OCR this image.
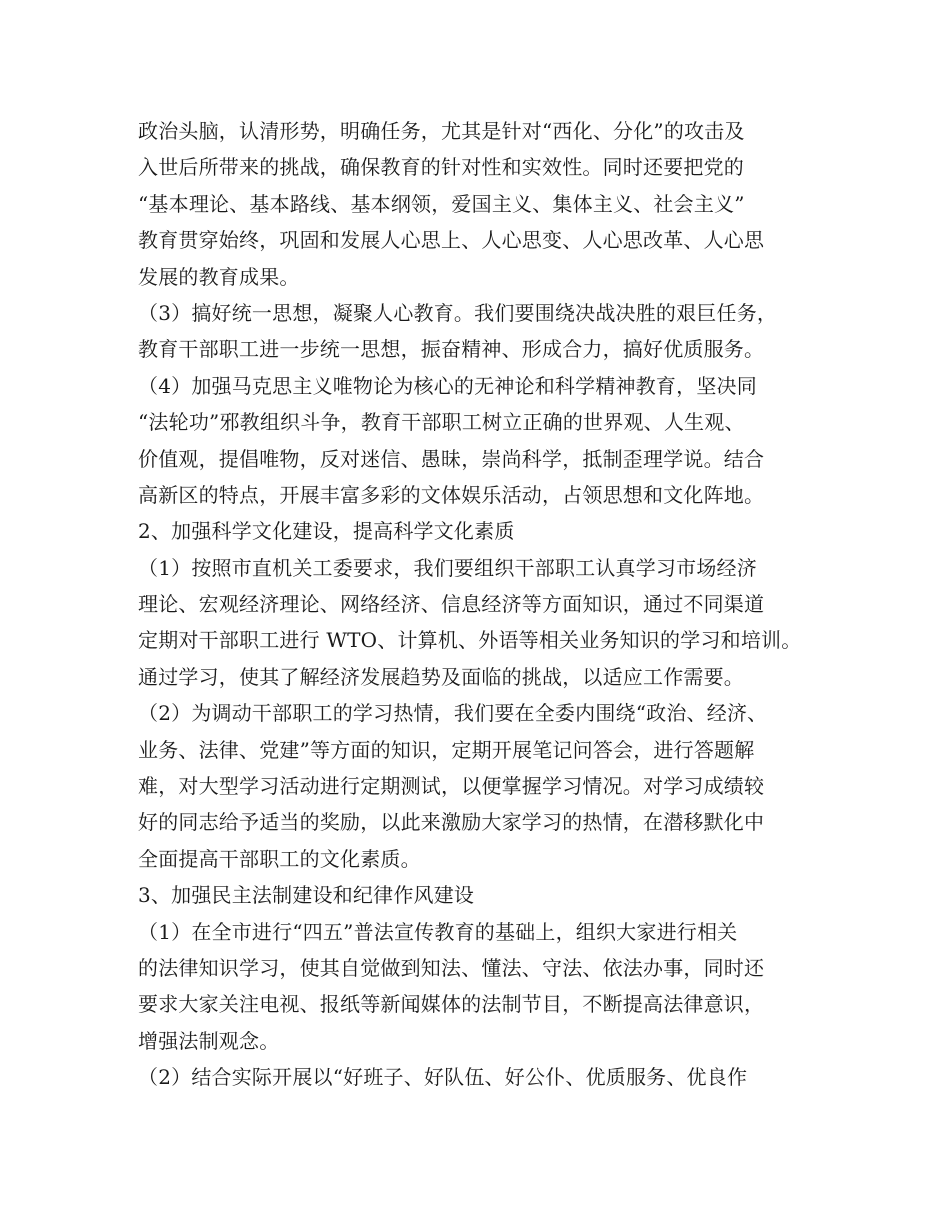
政治头脑，认清形势，明确任务，尤其是针对“西化、分化”的攻击及
入世后所带来的挑战，确保教育的针对性和实效性。同时还要把党的
“基本理论、基本路线、基本纲领，爱国主义、集体主义、社会主义”
教育贯穿始终，巩固和发展人心思上、人心思变、人心思改革、人心思
发展的教育成果。
（3）搞好统一思想，凝聚人心教育。我们要围绕决战决胜的艰巨任务，
教育干部职工进一步统一思想，振奋精神、形成合力，搞好优质服务。
（4）加强马克思主义唯物论为核心的无神论和科学精神教育，坚决同
“法轮功”邪教组织斗争，教育干部职工树立正确的世界观、人生观、
价值观，提倡唯物，反对迷信、愚昧，崇尚科学，抵制歪理学说。结合
高新区的特点，开展丰富多彩的文体娱乐活动，占领思想和文化阵地。
2、加强科学文化建设，提高科学文化素质
（1）按照市直机关工委要求，我们要组织干部职工认真学习市场经济
理论、宏观经济理论、网络经济、信息经济等方面知识，通过不同渠道
定期对干部职工进行 WTO、计算机、外语等相关业务知识的学习和培训。
通过学习，使其了解经济发展趋势及面临的挑战，以适应工作需要。
（2）为调动干部职工的学习热情，我们要在全委内围绕“政治、经济、
业务、法律、党建”等方面的知识，定期开展笔记问答会，进行答题解
难，对大型学习活动进行定期测试，以便掌握学习情况。对学习成绩较
好的同志给予适当的奖励，以此来激励大家学习的热情，在潜移默化中
全面提高干部职工的文化素质。
3、加强民主法制建设和纪律作风建设
（1）在全市进行“四五”普法宣传教育的基础上，组织大家进行相关
的法律知识学习，使其自觉做到知法、懂法、守法、依法办事，同时还
要求大家关注电视、报纸等新闻媒体的法制节目，不断提高法律意识，
增强法制观念。
（2）结合实际开展以“好班子、好队伍、好公仆、优质服务、优良作
